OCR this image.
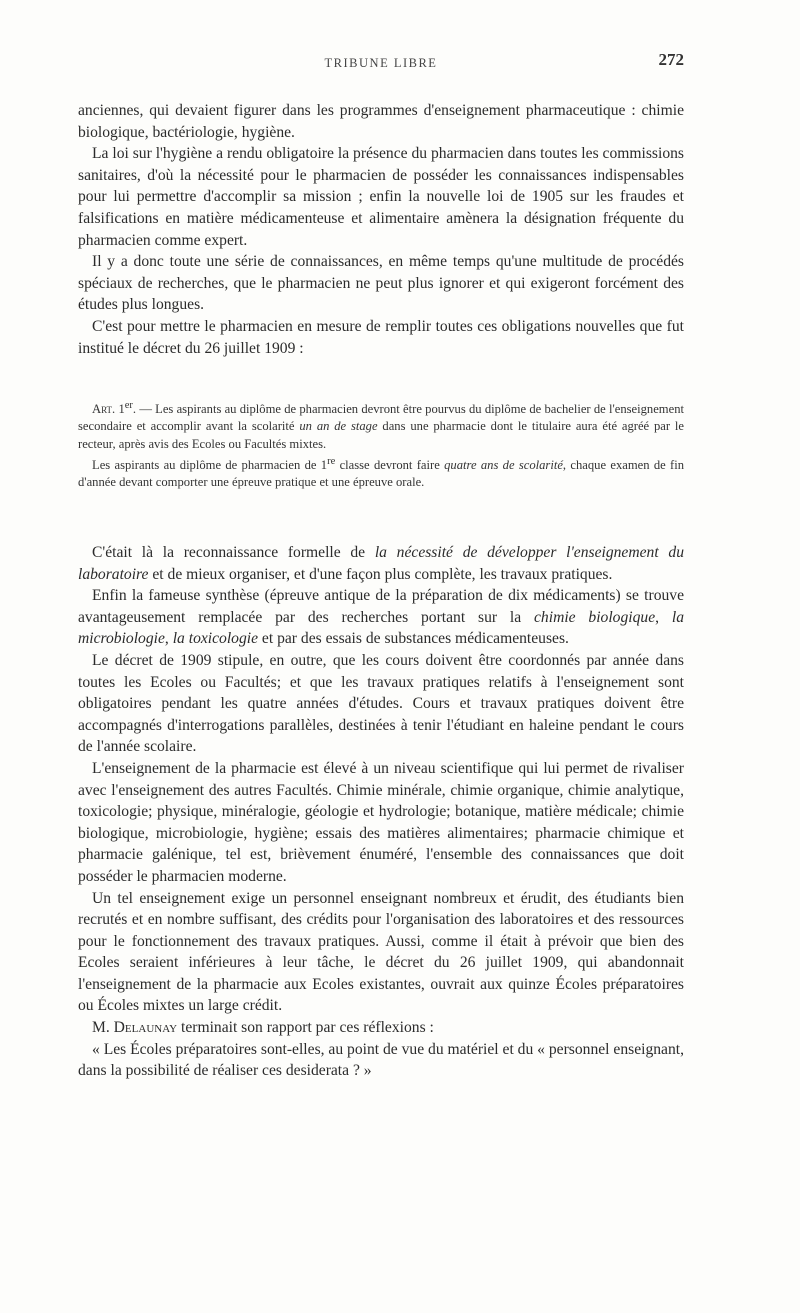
TRIBUNE LIBRE	272

anciennes, qui devaient figurer dans les programmes d'enseignement pharmaceutique : chimie biologique, bactériologie, hygiène.

La loi sur l'hygiène a rendu obligatoire la présence du pharmacien dans toutes les commissions sanitaires, d'où la nécessité pour le pharmacien de posséder les connaissances indispensables pour lui permettre d'accomplir sa mission ; enfin la nouvelle loi de 1905 sur les fraudes et falsifications en matière médicamenteuse et alimentaire amènera la désignation fréquente du pharmacien comme expert.

Il y a donc toute une série de connaissances, en même temps qu'une multitude de procédés spéciaux de recherches, que le pharmacien ne peut plus ignorer et qui exigeront forcément des études plus longues.

C'est pour mettre le pharmacien en mesure de remplir toutes ces obligations nouvelles que fut institué le décret du 26 juillet 1909 :

Art. 1er. — Les aspirants au diplôme de pharmacien devront être pourvus du diplôme de bachelier de l'enseignement secondaire et accomplir avant la scolarité un an de stage dans une pharmacie dont le titulaire aura été agréé par le recteur, après avis des Ecoles ou Facultés mixtes.

Les aspirants au diplôme de pharmacien de 1re classe devront faire quatre ans de scolarité, chaque examen de fin d'année devant comporter une épreuve pratique et une épreuve orale.

C'était là la reconnaissance formelle de la nécessité de développer l'enseignement du laboratoire et de mieux organiser, et d'une façon plus complète, les travaux pratiques.

Enfin la fameuse synthèse (épreuve antique de la préparation de dix médicaments) se trouve avantageusement remplacée par des recherches portant sur la chimie biologique, la microbiologie, la toxicologie et par des essais de substances médicamenteuses.

Le décret de 1909 stipule, en outre, que les cours doivent être coordonnés par année dans toutes les Ecoles ou Facultés; et que les travaux pratiques relatifs à l'enseignement sont obligatoires pendant les quatre années d'études. Cours et travaux pratiques doivent être accompagnés d'interrogations parallèles, destinées à tenir l'étudiant en haleine pendant le cours de l'année scolaire.

L'enseignement de la pharmacie est élevé à un niveau scientifique qui lui permet de rivaliser avec l'enseignement des autres Facultés. Chimie minérale, chimie organique, chimie analytique, toxicologie; physique, minéralogie, géologie et hydrologie; botanique, matière médicale; chimie biologique, microbiologie, hygiène; essais des matières alimentaires; pharmacie chimique et pharmacie galénique, tel est, brièvement énuméré, l'ensemble des connaissances que doit posséder le pharmacien moderne.

Un tel enseignement exige un personnel enseignant nombreux et érudit, des étudiants bien recrutés et en nombre suffisant, des crédits pour l'organisation des laboratoires et des ressources pour le fonctionnement des travaux pratiques. Aussi, comme il était à prévoir que bien des Ecoles seraient inférieures à leur tâche, le décret du 26 juillet 1909, qui abandonnait l'enseignement de la pharmacie aux Ecoles existantes, ouvrait aux quinze Écoles préparatoires ou Écoles mixtes un large crédit.

M. Delaunay terminait son rapport par ces réflexions :

« Les Écoles préparatoires sont-elles, au point de vue du matériel et du « personnel enseignant, dans la possibilité de réaliser ces desiderata ? »
